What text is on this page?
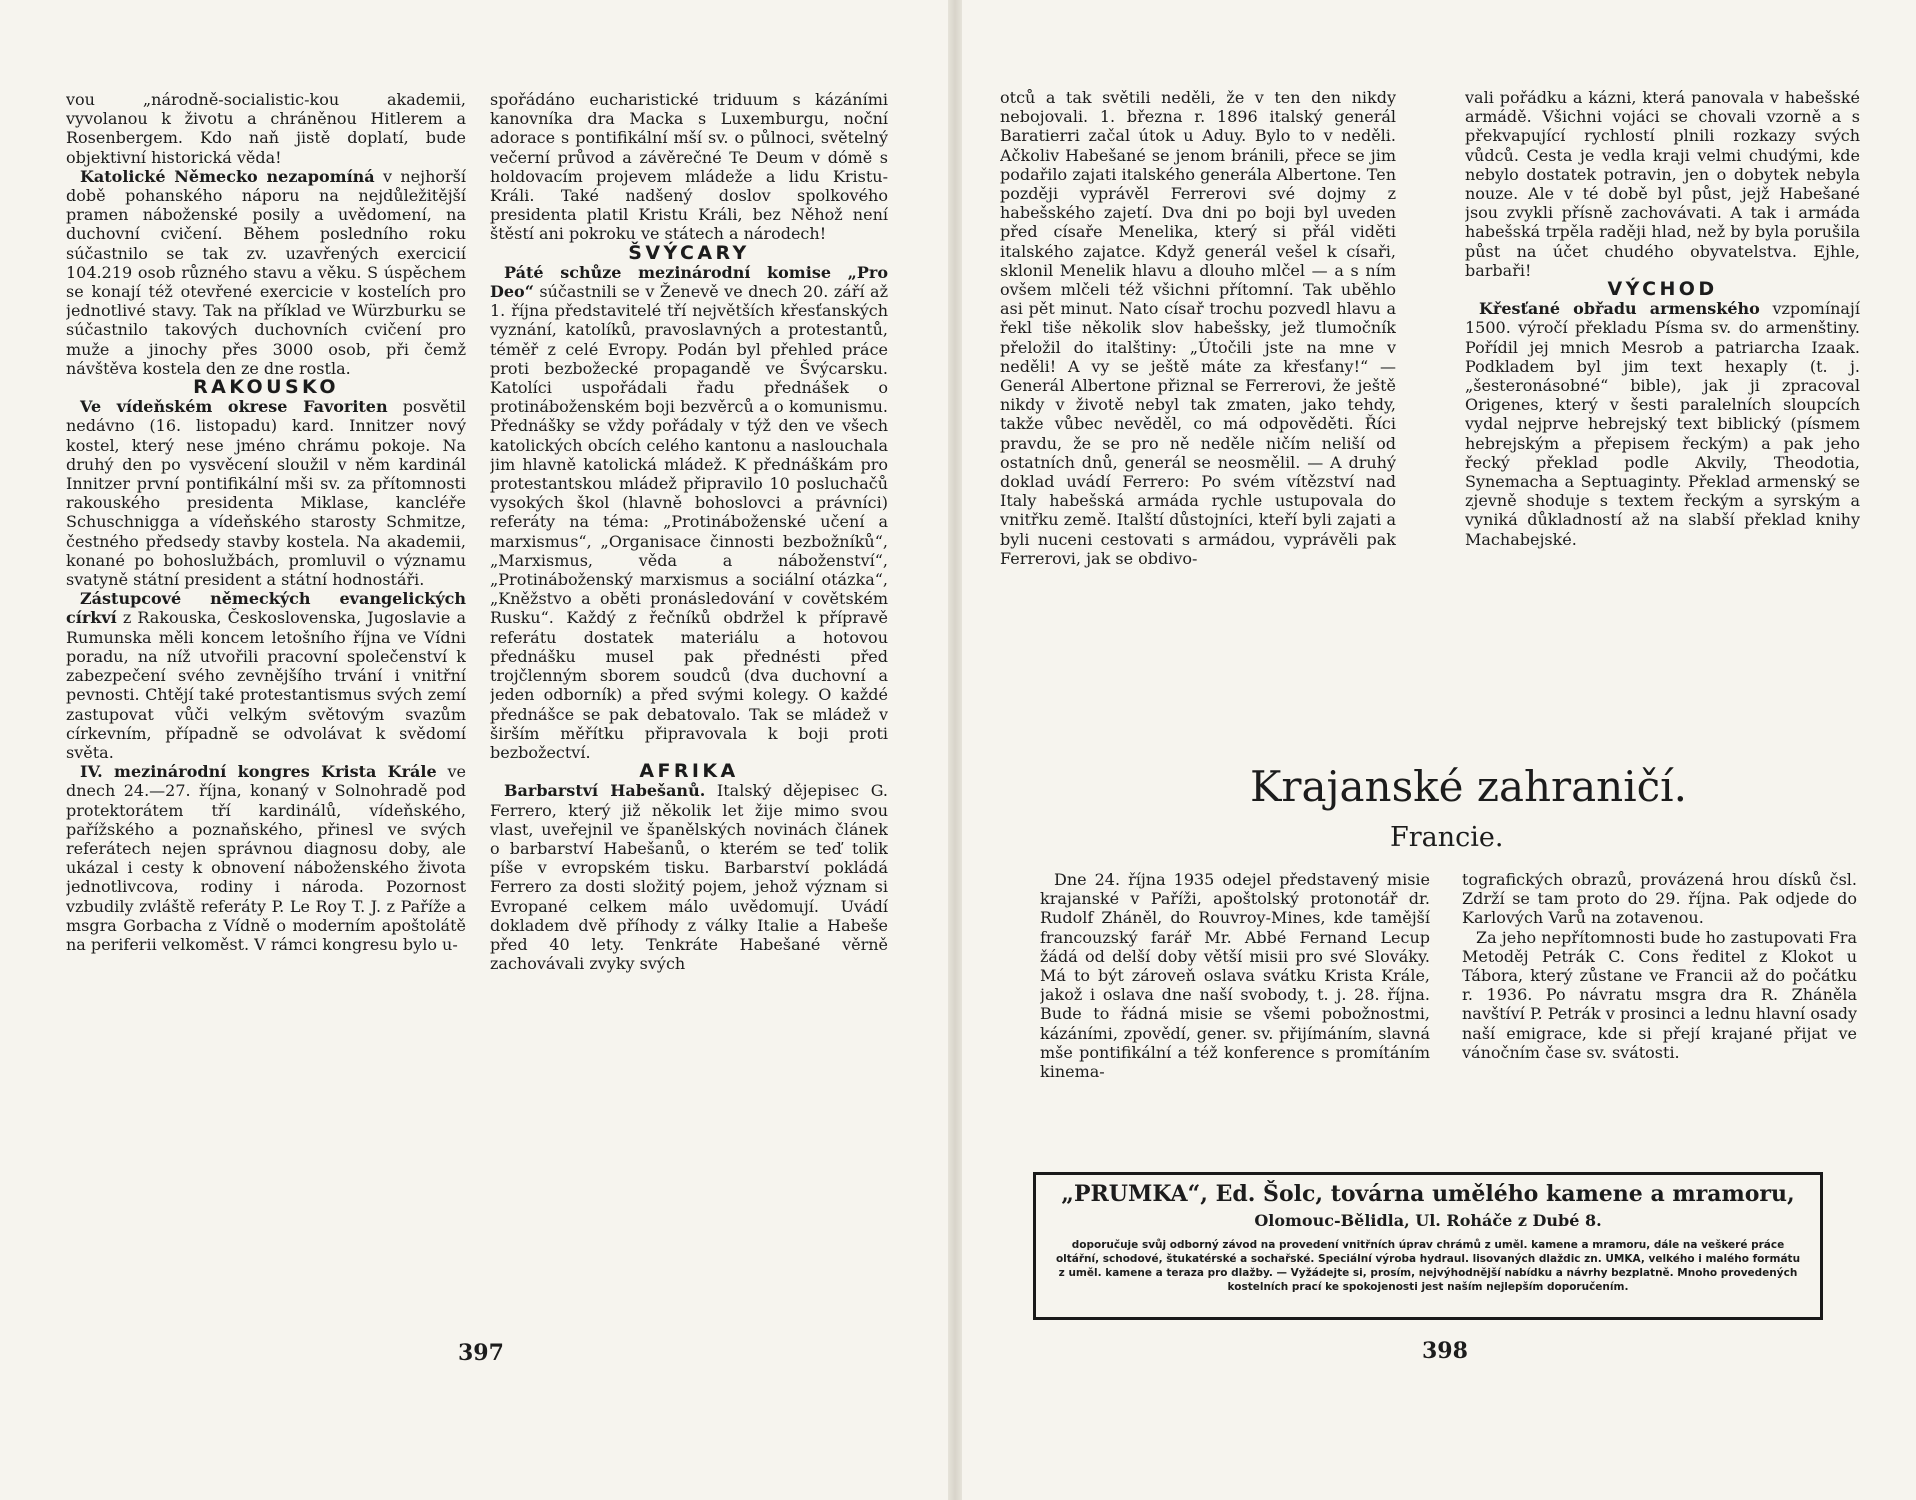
vou „národně-socialistic-kou akademii, vyvolanou k životu a chráněnou Hitlerem a Rosenbergem. Kdo naň jistě doplatí, bude objektivní historická věda!

Katolické Německo nezapomíná v nejhorší době pohanského náporu na nejdůležitější pramen náboženské posily a uvědomení, na duchovní cvičení. Během posledního roku súčastnilo se tak zv. uzavřených exercicií 104.219 osob různého stavu a věku. S úspěchem se konají též otevřené exercicie v kostelích pro jednotlivé stavy. Tak na příklad ve Würzburku se súčastnilo takových duchovních cvičení pro muže a jinochy přes 3000 osob, při čemž návštěva kostela den ze dne rostla.

RAKOUSKO

Ve vídeňském okrese Favoriten posvětil nedávno (16. listopadu) kard. Innitzer nový kostel, který nese jméno chrámu pokoje. Na druhý den po vysvěcení sloužil v něm kardinál Innitzer první pontifikální mši sv. za přítomnosti rakouského presidenta Miklase, kancléře Schuschnigga a vídeňského starosty Schmitze, čestného předsedy stavby kostela. Na akademii, konané po bohoslužbách, promluvil o významu svatyně státní president a státní hodnostáři.

Zástupcové německých evangelických církví z Rakouska, Československa, Jugoslavie a Rumunska měli koncem letošního října ve Vídni poradu, na níž utvořili pracovní společenství k zabezpečení svého zevnějšího trvání i vnitřní pevnosti. Chtějí také protestantismus svých zemí zastupovat vůči velkým světovým svazům církevním, případně se odvolávat k svědomí světa.

IV. mezinárodní kongres Krista Krále ve dnech 24.—27. října, konaný v Solnohradě pod protektorátem tří kardinálů, vídeňského, pařížského a poznaňského, přinesl ve svých referátech nejen správnou diagnosu doby, ale ukázal i cesty k obnovení náboženského života jednotlivcova, rodiny i národa. Pozornost vzbudily zvláště referáty P. Le Roy T. J. z Paříže a msgra Gorbacha z Vídně o moderním apoštolátě na periferii velkoměst. V rámci kongresu bylo u-

spořádáno eucharistické triduum s kázáními kanovníka dra Macka s Luxemburgu, noční adorace s pontifikální mší sv. o půlnoci, světelný večerní průvod a závěrečné Te Deum v dómě s holdovacím projevem mládeže a lidu Kristu-Králi. Také nadšený doslov spolkového presidenta platil Kristu Králi, bez Něhož není štěstí ani pokroku ve státech a národech!

ŠVÝCARY

Páté schůze mezinárodní komise „Pro Deo“ súčastnili se v Ženevě ve dnech 20. září až 1. října představitelé tří největších křesťanských vyznání, katolíků, pravoslavných a protestantů, téměř z celé Evropy. Podán byl přehled práce proti bezbožecké propagandě ve Švýcarsku. Katolíci uspořádali řadu přednášek o protináboženském boji bezvěrců a o komunismu. Přednášky se vždy pořádaly v týž den ve všech katolických obcích celého kantonu a naslouchala jim hlavně katolická mládež. K přednáškám pro protestantskou mládež připravilo 10 posluchačů vysokých škol (hlavně bohoslovci a právníci) referáty na téma: „Protináboženské učení a marxismus“, „Organisace činnosti bezbožníků“, „Marxismus, věda a náboženství“, „Protináboženský marxismus a sociální otázka“, „Kněžstvo a oběti pronásledování v covětském Rusku“. Každý z řečníků obdržel k přípravě referátu dostatek materiálu a hotovou přednášku musel pak přednésti před trojčlenným sborem soudců (dva duchovní a jeden odborník) a před svými kolegy. O každé přednášce se pak debatovalo. Tak se mládež v širším měřítku připravovala k boji proti bezbožectví.

AFRIKA

Barbarství Habešanů. Italský dějepisec G. Ferrero, který již několik let žije mimo svou vlast, uveřejnil ve španělských novinách článek o barbarství Habešanů, o kterém se teď tolik píše v evropském tisku. Barbarství pokládá Ferrero za dosti složitý pojem, jehož význam si Evropané celkem málo uvědomují. Uvádí dokladem dvě příhody z války Italie a Habeše před 40 lety. Tenkráte Habešané věrně zachovávali zvyky svých

otců a tak světili neděli, že v ten den nikdy nebojovali. 1. března r. 1896 italský generál Baratierri začal útok u Aduy. Bylo to v neděli. Ačkoliv Habešané se jenom bránili, přece se jim podařilo zajati italského generála Albertone. Ten později vyprávěl Ferrerovi své dojmy z habešského zajetí. Dva dni po boji byl uveden před císaře Menelika, který si přál viděti italského zajatce. Když generál vešel k císaři, sklonil Menelik hlavu a dlouho mlčel — a s ním ovšem mlčeli též všichni přítomní. Tak uběhlo asi pět minut. Nato císař trochu pozvedl hlavu a řekl tiše několik slov habešsky, jež tlumočník přeložil do italštiny: „Útočili jste na mne v neděli! A vy se ještě máte za křesťany!“ — Generál Albertone přiznal se Ferrerovi, že ještě nikdy v životě nebyl tak zmaten, jako tehdy, takže vůbec nevěděl, co má odpověděti. Říci pravdu, že se pro ně neděle ničím neliší od ostatních dnů, generál se neosmělil. — A druhý doklad uvádí Ferrero: Po svém vítězství nad Italy habešská armáda rychle ustupovala do vnitřku země. Italští důstojníci, kteří byli zajati a byli nuceni cestovati s armádou, vyprávěli pak Ferrerovi, jak se obdivo-

vali pořádku a kázni, která panovala v habešské armádě. Všichni vojáci se chovali vzorně a s překvapující rychlostí plnili rozkazy svých vůdců. Cesta je vedla kraji velmi chudými, kde nebylo dostatek potravin, jen o dobytek nebyla nouze. Ale v té době byl půst, jejž Habešané jsou zvykli přísně zachovávati. A tak i armáda habešská trpěla raději hlad, než by byla porušila půst na účet chudého obyvatelstva. Ejhle, barbaři!

VÝCHOD

Křesťané obřadu armenského vzpomínají 1500. výročí překladu Písma sv. do armenštiny. Pořídil jej mnich Mesrob a patriarcha Izaak. Podkladem byl jim text hexaply (t. j. „šesteronásobné“ bible), jak ji zpracoval Origenes, který v šesti paralelních sloupcích vydal nejprve hebrejský text biblický (písmem hebrejským a přepisem řeckým) a pak jeho řecký překlad podle Akvily, Theodotia, Synemacha a Septuaginty. Překlad armenský se zjevně shoduje s textem řeckým a syrským a vyniká důkladností až na slabší překlad knihy Machabejské.

Krajanské zahraničí.
Francie.

Dne 24. října 1935 odejel představený misie krajanské v Paříži, apoštolský protonotář dr. Rudolf Zháněl, do Rouvroy-Mines, kde tamější francouzský farář Mr. Abbé Fernand Lecup žádá od delší doby větší misii pro své Slováky. Má to být zároveň oslava svátku Krista Krále, jakož i oslava dne naší svobody, t. j. 28. října. Bude to řádná misie se všemi pobožnostmi, kázáními, zpovědí, gener. sv. přijímáním, slavná mše pontifikální a též konference s promítáním kinema-

tografických obrazů, provázená hrou dísků čsl. Zdrží se tam proto do 29. října. Pak odjede do Karlových Varů na zotavenou.

Za jeho nepřítomnosti bude ho zastupovati Fra Metoděj Petrák C. Cons ředitel z Klokot u Tábora, který zůstane ve Francii až do počátku r. 1936. Po návratu msgra dra R. Zháněla navštíví P. Petrák v prosinci a lednu hlavní osady naší emigrace, kde si přejí krajané přijat ve vánočním čase sv. svátosti.

„PRUMKA“, Ed. Šolc, továrna umělého kamene a mramoru,
Olomouc-Bělidla, Ul. Roháče z Dubé 8.
doporučuje svůj odborný závod na provedení vnitřních úprav chrámů z uměl. kamene a mramoru, dále na veškeré práce oltářní, schodové, štukatérské a sochařské. Speciální výroba hydraul. lisovaných dlaždic zn. UMKA, velkého i malého formátu z uměl. kamene a teraza pro dlažby. — Vyžádejte si, prosím, nejvýhodnější nabídku a návrhy bezplatně. Mnoho provedených kostelních prací ke spokojenosti jest naším nejlepším doporučením.
397	398
